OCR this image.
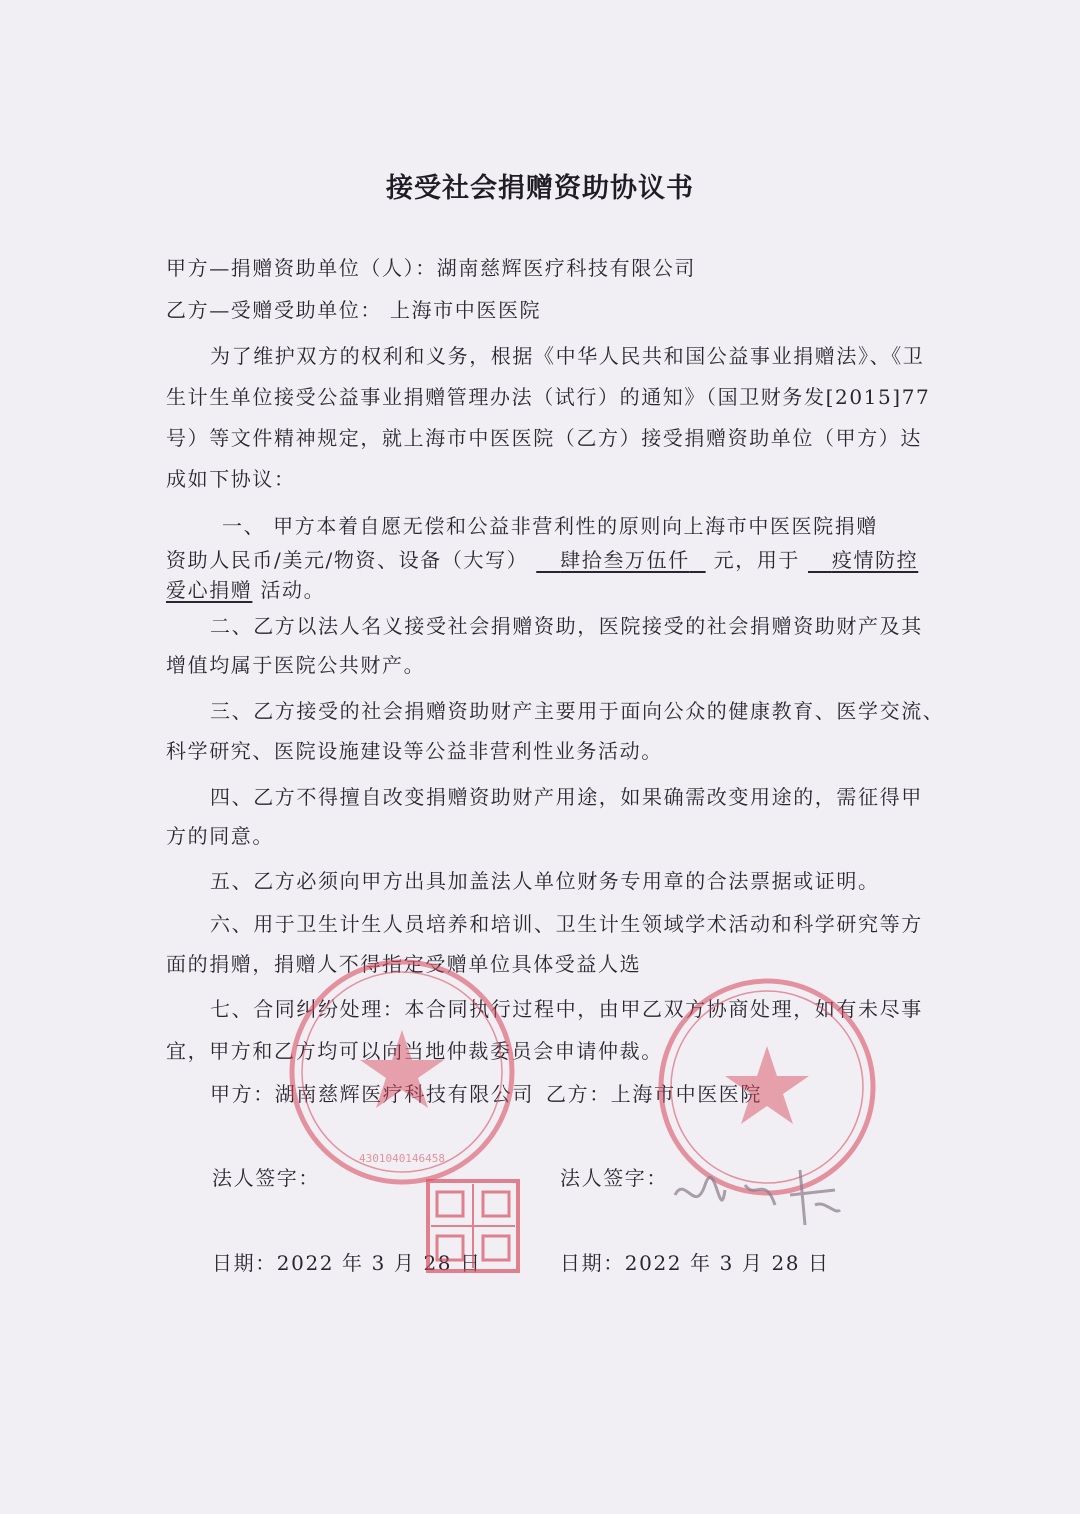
接受社会捐赠资助协议书
甲方—捐赠资助单位（人）：湖南慈辉医疗科技有限公司
乙方—受赠受助单位： 上海市中医医院
为了维护双方的权利和义务，根据《中华人民共和国公益事业捐赠法》、《卫
生计生单位接受公益事业捐赠管理办法（试行）的通知》（国卫财务发[2015]77
号）等文件精神规定，就上海市中医医院（乙方）接受捐赠资助单位（甲方）达
成如下协议：
一、 甲方本着自愿无偿和公益非营利性的原则向上海市中医医院捐赠
资助人民币/美元/物资、设备（大写） 肆拾叁万伍仟 元，用于 疫情防控
爱心捐赠 活动。
二、乙方以法人名义接受社会捐赠资助，医院接受的社会捐赠资助财产及其
增值均属于医院公共财产。
三、乙方接受的社会捐赠资助财产主要用于面向公众的健康教育、医学交流、
科学研究、医院设施建设等公益非营利性业务活动。
四、乙方不得擅自改变捐赠资助财产用途，如果确需改变用途的，需征得甲
方的同意。
五、乙方必须向甲方出具加盖法人单位财务专用章的合法票据或证明。
六、用于卫生计生人员培养和培训、卫生计生领域学术活动和科学研究等方
面的捐赠，捐赠人不得指定受赠单位具体受益人选
七、合同纠纷处理：本合同执行过程中，由甲乙双方协商处理，如有未尽事
宜，甲方和乙方均可以向当地仲裁委员会申请仲裁。
甲方：湖南慈辉医疗科技有限公司 乙方：上海市中医医院
法人签字：	法人签字：
日期：2022 年 3 月 28 日	日期：2022 年 3 月 28 日
4301040146458
